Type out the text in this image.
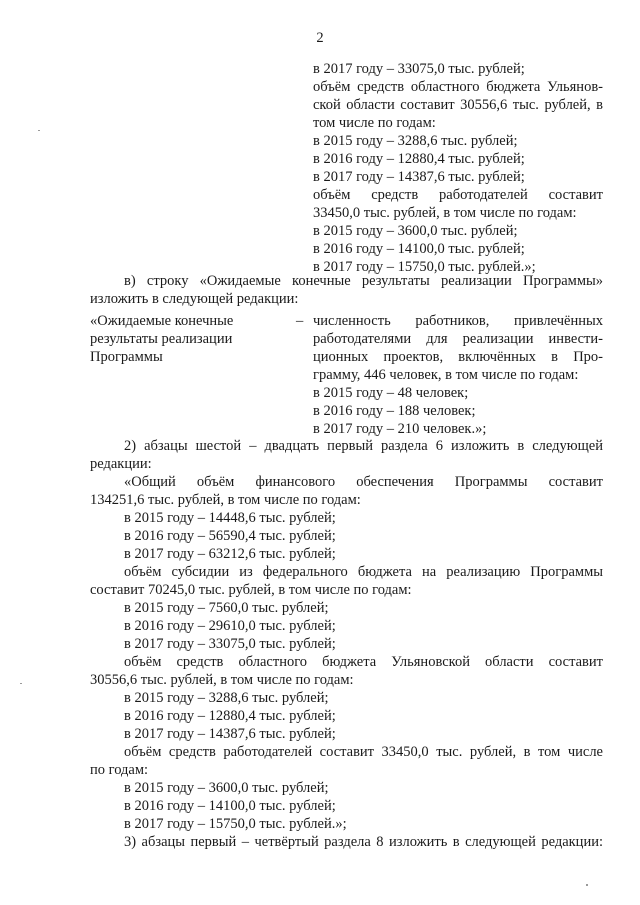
2
в 2017 году – 33075,0 тыс. рублей;
объём средств областного бюджета Ульянов-
ской области составит 30556,6 тыс. рублей, в
том числе по годам:
в 2015 году – 3288,6 тыс. рублей;
в 2016 году – 12880,4 тыс. рублей;
в 2017 году – 14387,6 тыс. рублей;
объём средств работодателей составит
33450,0 тыс. рублей, в том числе по годам:
в 2015 году – 3600,0 тыс. рублей;
в 2016 году – 14100,0 тыс. рублей;
в 2017 году – 15750,0 тыс. рублей.»;
в) строку «Ожидаемые конечные результаты реализации Программы»
изложить в следующей редакции:
«Ожидаемые конечные
результаты реализации
Программы
– численность работников, привлечённых
работодателями для реализации инвести-
ционных проектов, включённых в Про-
грамму, 446 человек, в том числе по годам:
в 2015 году – 48 человек;
в 2016 году – 188 человек;
в 2017 году – 210 человек.»;
2) абзацы шестой – двадцать первый раздела 6 изложить в следующей
редакции:
«Общий объём финансового обеспечения Программы составит
134251,6 тыс. рублей, в том числе по годам:
в 2015 году – 14448,6 тыс. рублей;
в 2016 году – 56590,4 тыс. рублей;
в 2017 году – 63212,6 тыс. рублей;
объём субсидии из федерального бюджета на реализацию Программы
составит 70245,0 тыс. рублей, в том числе по годам:
в 2015 году – 7560,0 тыс. рублей;
в 2016 году – 29610,0 тыс. рублей;
в 2017 году – 33075,0 тыс. рублей;
объём средств областного бюджета Ульяновской области составит
30556,6 тыс. рублей, в том числе по годам:
в 2015 году – 3288,6 тыс. рублей;
в 2016 году – 12880,4 тыс. рублей;
в 2017 году – 14387,6 тыс. рублей;
объём средств работодателей составит 33450,0 тыс. рублей, в том числе
по годам:
в 2015 году – 3600,0 тыс. рублей;
в 2016 году – 14100,0 тыс. рублей;
в 2017 году – 15750,0 тыс. рублей.»;
3) абзацы первый – четвёртый раздела 8 изложить в следующей редакции:
